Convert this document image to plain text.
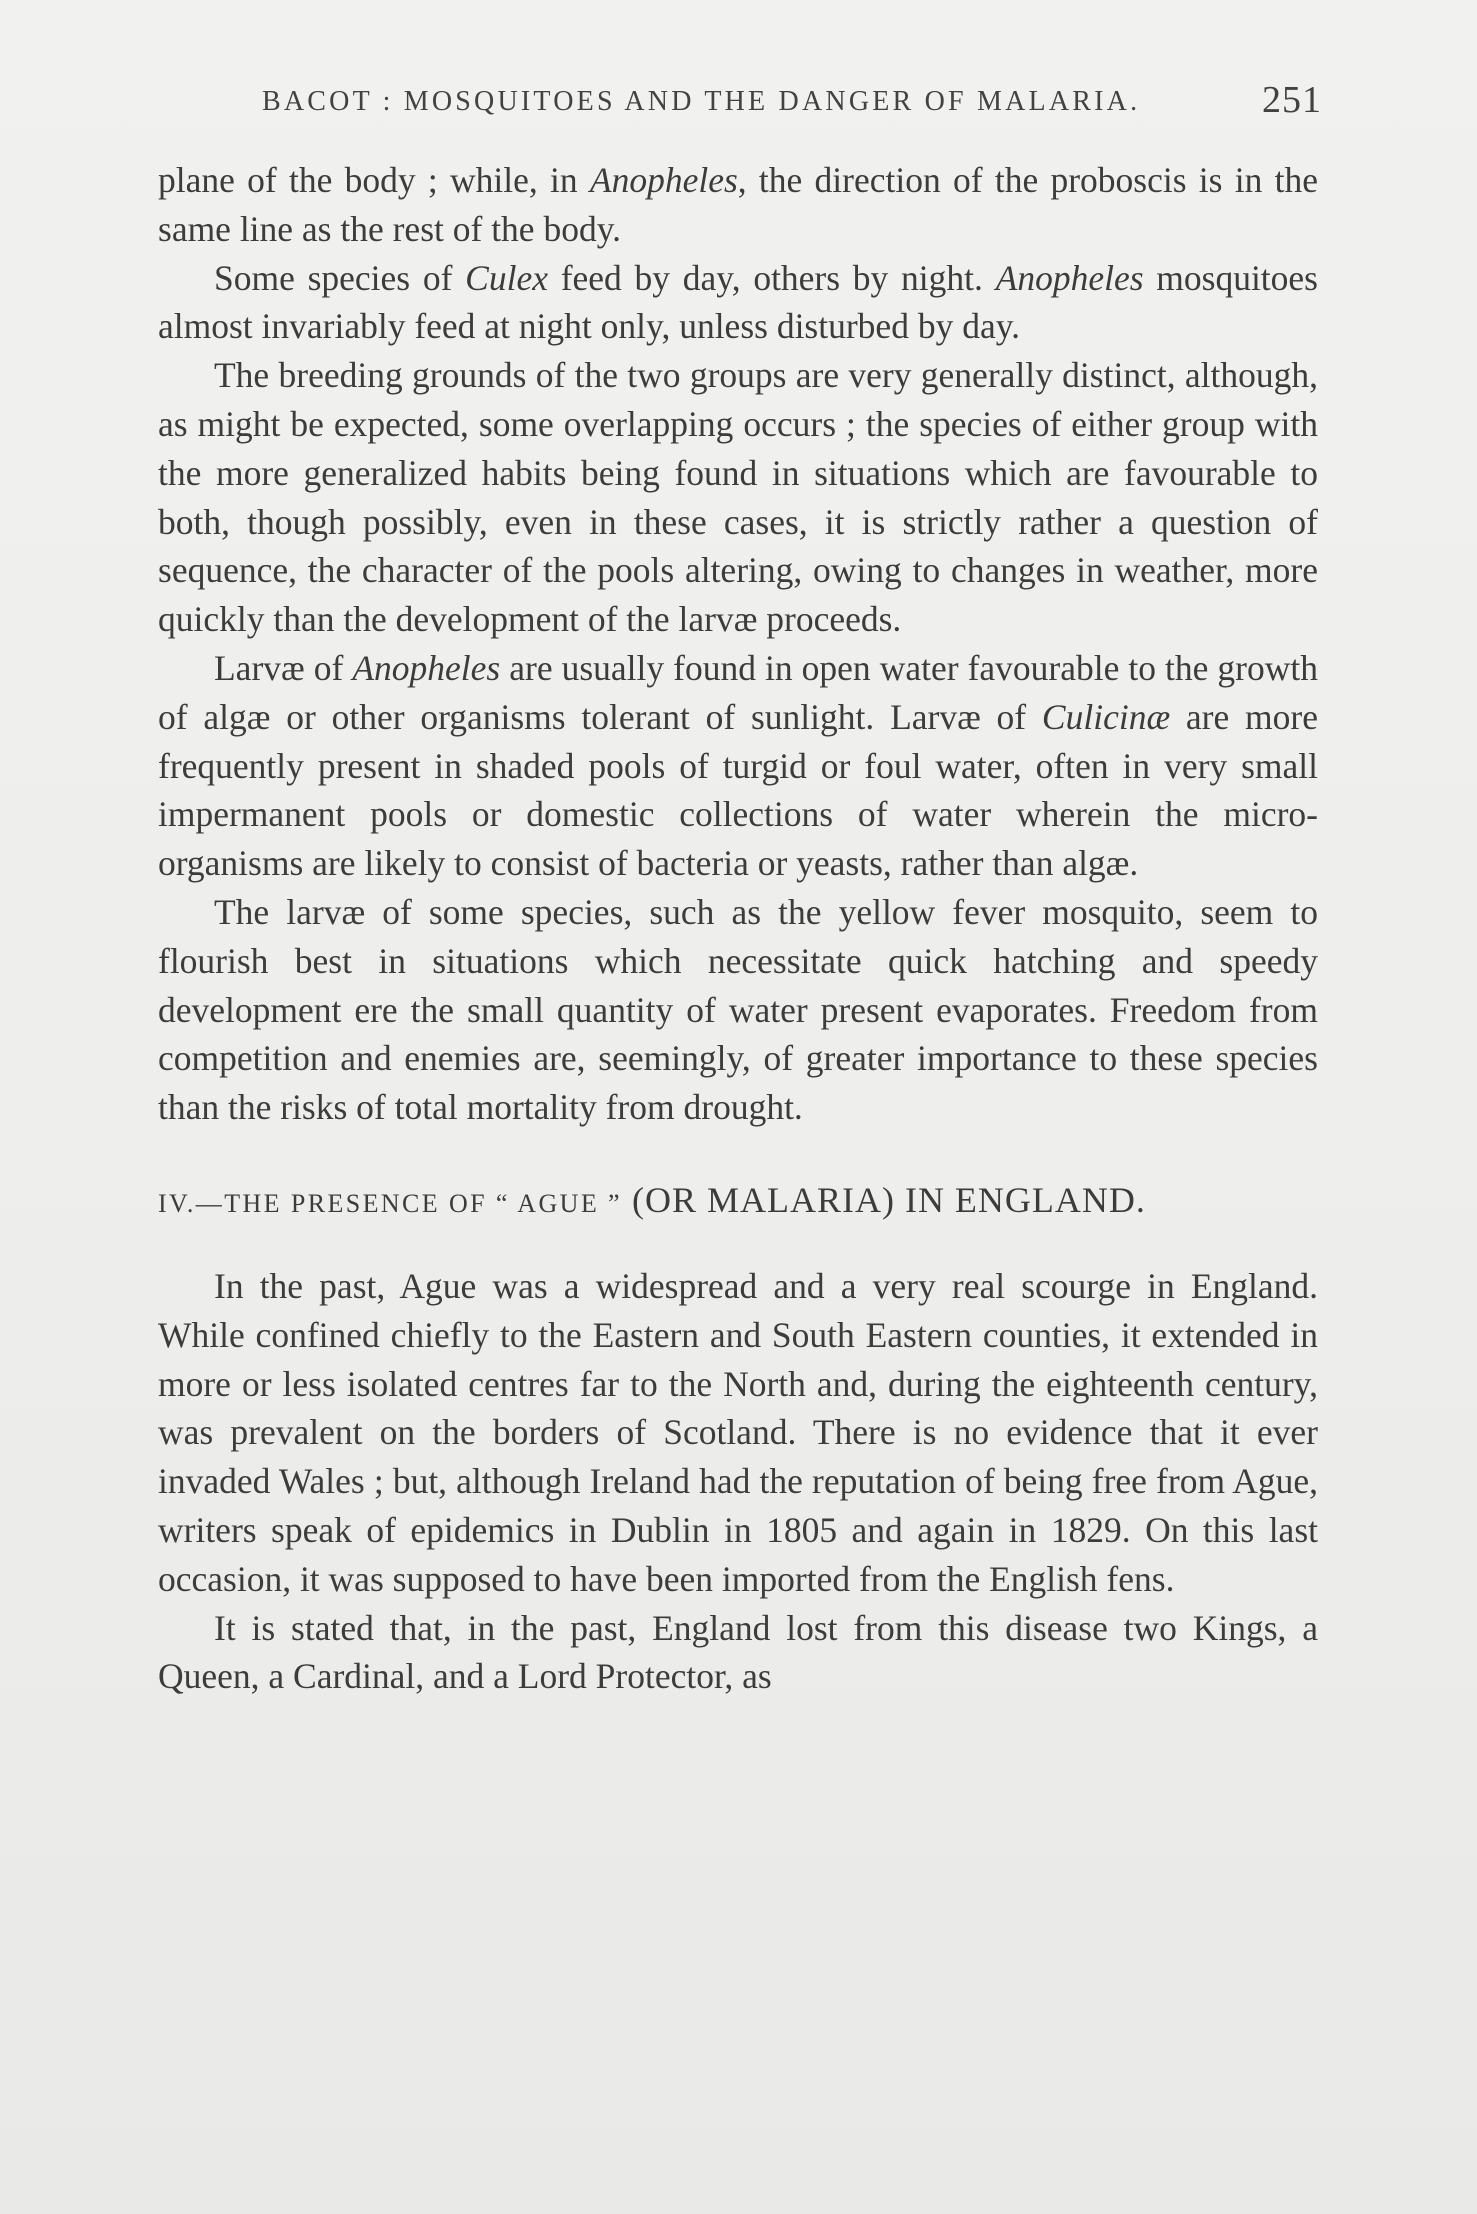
BACOT : MOSQUITOES AND THE DANGER OF MALARIA.	251

plane of the body ; while, in Anopheles, the direction of the proboscis is in the same line as the rest of the body.

Some species of Culex feed by day, others by night. Anopheles mosquitoes almost invariably feed at night only, unless disturbed by day.

The breeding grounds of the two groups are very generally distinct, although, as might be expected, some overlapping occurs ; the species of either group with the more generalized habits being found in situations which are favourable to both, though possibly, even in these cases, it is strictly rather a question of sequence, the character of the pools altering, owing to changes in weather, more quickly than the development of the larvæ proceeds.

Larvæ of Anopheles are usually found in open water favourable to the growth of algæ or other organisms tolerant of sunlight. Larvæ of Culicinæ are more frequently present in shaded pools of turgid or foul water, often in very small impermanent pools or domestic collections of water wherein the micro-organisms are likely to consist of bacteria or yeasts, rather than algæ.

The larvæ of some species, such as the yellow fever mosquito, seem to flourish best in situations which necessitate quick hatching and speedy development ere the small quantity of water present evaporates. Freedom from competition and enemies are, seemingly, of greater importance to these species than the risks of total mortality from drought.

IV.—THE PRESENCE OF “ AGUE ” (OR MALARIA) IN ENGLAND.

In the past, Ague was a widespread and a very real scourge in England. While confined chiefly to the Eastern and South Eastern counties, it extended in more or less isolated centres far to the North and, during the eighteenth century, was prevalent on the borders of Scotland. There is no evidence that it ever invaded Wales ; but, although Ireland had the reputation of being free from Ague, writers speak of epidemics in Dublin in 1805 and again in 1829. On this last occasion, it was supposed to have been imported from the English fens.

It is stated that, in the past, England lost from this disease two Kings, a Queen, a Cardinal, and a Lord Protector, as
